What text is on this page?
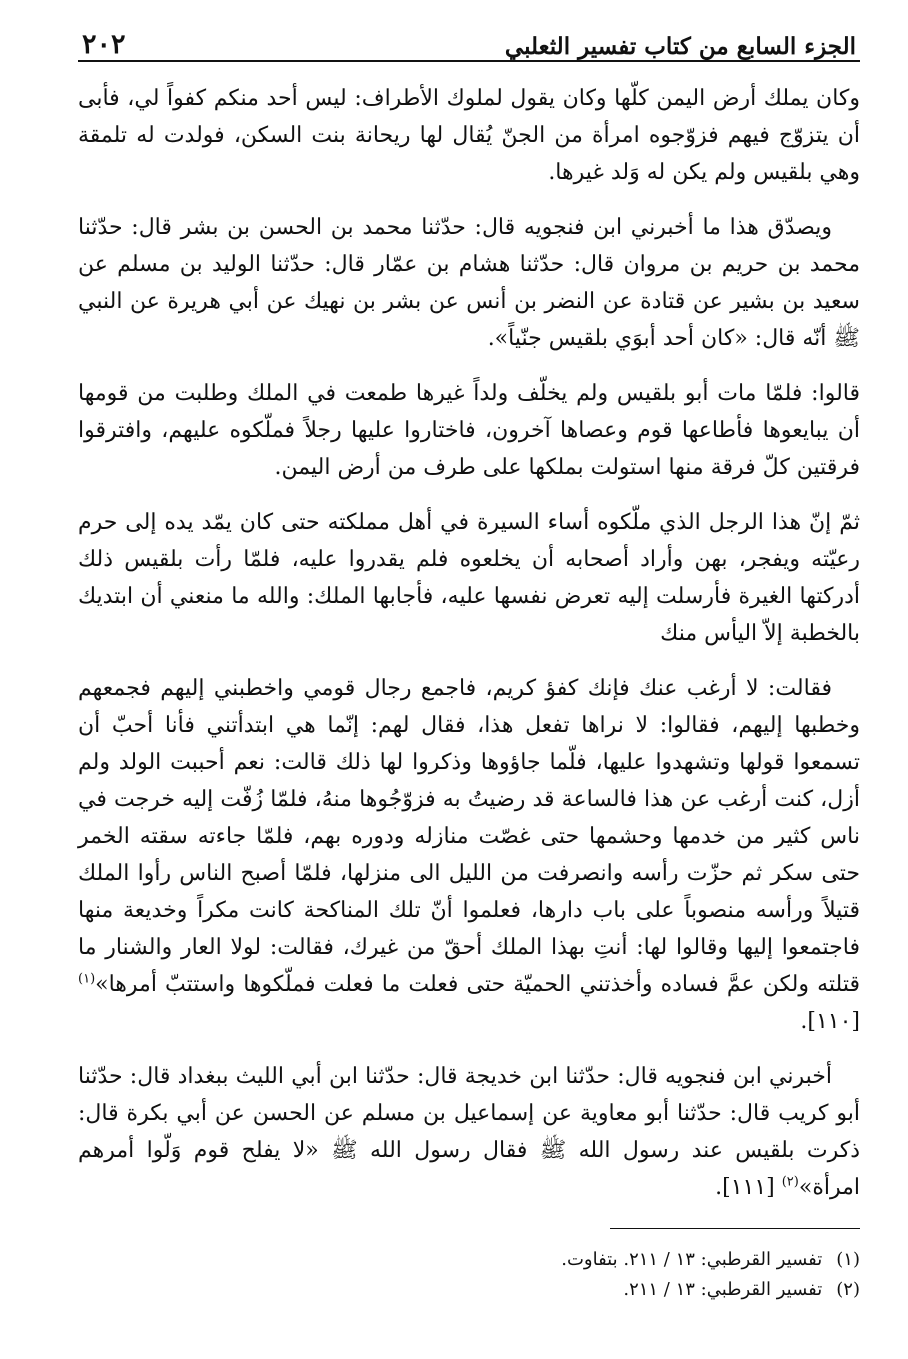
الجزء السابع من كتاب تفسير الثعلبي
٢٠٢

وكان يملك أرض اليمن كلّها وكان يقول لملوك الأطراف: ليس أحد منكم كفواً لي، فأبى أن يتزوّج فيهم فزوّجوه امرأة من الجنّ يُقال لها ريحانة بنت السكن، فولدت له تلمقة وهي بلقيس ولم يكن له وَلد غيرها.

ويصدّق هذا ما أخبرني ابن فنجويه قال: حدّثنا محمد بن الحسن بن بشر قال: حدّثنا محمد بن حريم بن مروان قال: حدّثنا هشام بن عمّار قال: حدّثنا الوليد بن مسلم عن سعيد بن بشير عن قتادة عن النضر بن أنس عن بشر بن نهيك عن أبي هريرة عن النبي ﷺ أنّه قال: «كان أحد أبوَي بلقيس جنّياً».

قالوا: فلمّا مات أبو بلقيس ولم يخلّف ولداً غيرها طمعت في الملك وطلبت من قومها أن يبايعوها فأطاعها قوم وعصاها آخرون، فاختاروا عليها رجلاً فملّكوه عليهم، وافترقوا فرقتين كلّ فرقة منها استولت بملكها على طرف من أرض اليمن.

ثمّ إنّ هذا الرجل الذي ملّكوه أساء السيرة في أهل مملكته حتى كان يمّد يده إلى حرم رعيّته ويفجر، بهن وأراد أصحابه أن يخلعوه فلم يقدروا عليه، فلمّا رأت بلقيس ذلك أدركتها الغيرة فأرسلت إليه تعرض نفسها عليه، فأجابها الملك: والله ما منعني أن ابتديك بالخطبة إلاّ اليأس منك

فقالت: لا أرغب عنك فإنك كفؤ كريم، فاجمع رجال قومي واخطبني إليهم فجمعهم وخطبها إليهم، فقالوا: لا نراها تفعل هذا، فقال لهم: إنّما هي ابتدأتني فأنا أحبّ أن تسمعوا قولها وتشهدوا عليها، فلّما جاؤوها وذكروا لها ذلك قالت: نعم أحببت الولد ولم أزل، كنت أرغب عن هذا فالساعة قد رضيتُ به فزوّجُوها منهُ، فلمّا زُفّت إليه خرجت في ناس كثير من خدمها وحشمها حتى غصّت منازله ودوره بهم، فلمّا جاءته سقته الخمر حتى سكر ثم حزّت رأسه وانصرفت من الليل الى منزلها، فلمّا أصبح الناس رأوا الملك قتيلاً ورأسه منصوباً على باب دارها، فعلموا أنّ تلك المناكحة كانت مكراً وخديعة منها فاجتمعوا إليها وقالوا لها: أنتِ بهذا الملك أحقّ من غيرك، فقالت: لولا العار والشنار ما قتلته ولكن عمَّ فساده وأخذتني الحميّة حتى فعلت ما فعلت فملّكوها واستتبّ أمرها»$^{(١)}$ [١١٠].

أخبرني ابن فنجويه قال: حدّثنا ابن خديجة قال: حدّثنا ابن أبي الليث ببغداد قال: حدّثنا أبو كريب قال: حدّثنا أبو معاوية عن إسماعيل بن مسلم عن الحسن عن أبي بكرة قال: ذكرت بلقيس عند رسول الله ﷺ فقال رسول الله ﷺ «لا يفلح قوم وَلّوا أمرهم امرأة»$^{(٢)}$ [١١١].

(١)تفسير القرطبي: ١٣ / ٢١١. بتفاوت.

(٢)تفسير القرطبي: ١٣ / ٢١١.
